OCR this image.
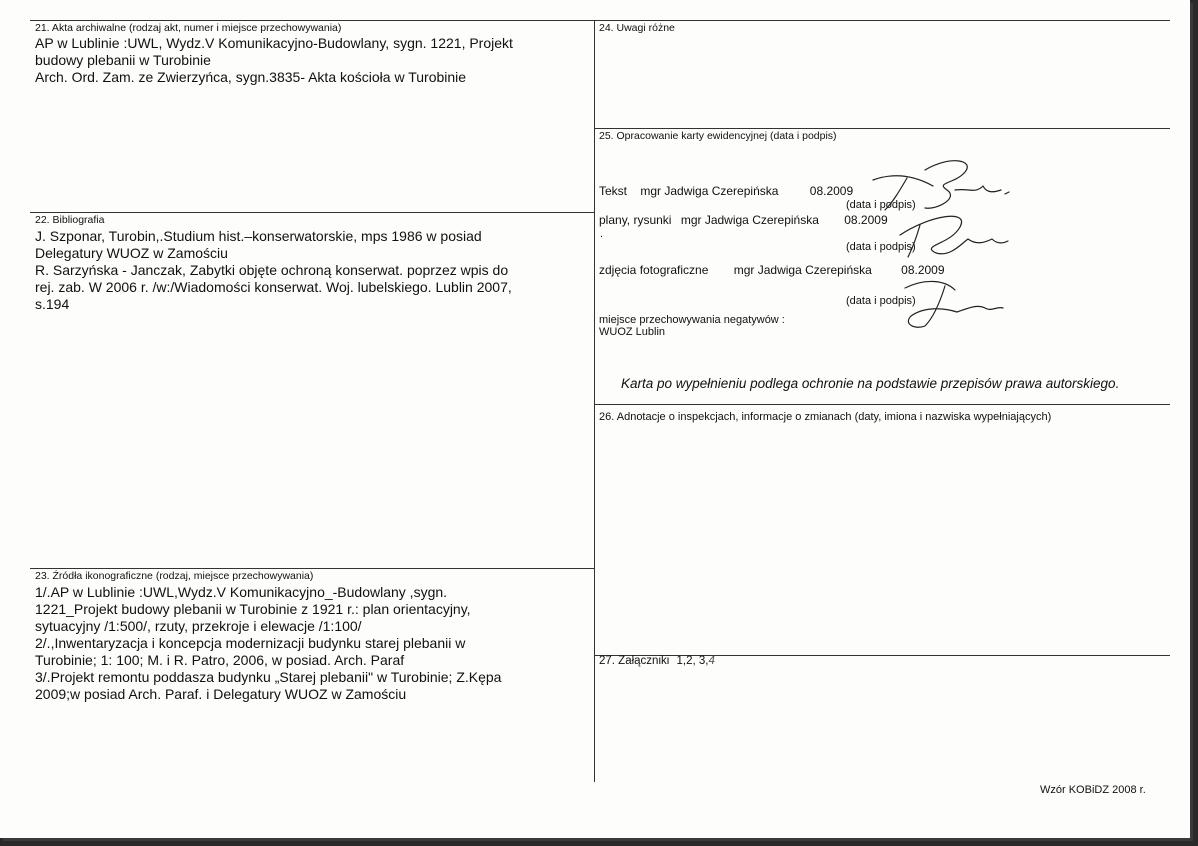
21. Akta archiwalne (rodzaj akt, numer i miejsce przechowywania)
AP w Lublinie :UWL, Wydz.V Komunikacyjno-Budowlany, sygn. 1221, Projekt
budowy plebanii w Turobinie
Arch. Ord. Zam. ze Zwierzyńca, sygn.3835- Akta kościoła w Turobinie
22. Bibliografia
J. Szponar, Turobin,.Studium hist.–konserwatorskie, mps 1986 w posiad
Delegatury WUOZ w Zamościu
R. Sarzyńska - Janczak, Zabytki objęte ochroną konserwat. poprzez wpis do
rej. zab. W 2006 r. /w:/Wiadomości konserwat. Woj. lubelskiego. Lublin 2007,
s.194
23. Źródła ikonograficzne (rodzaj, miejsce przechowywania)
1/.AP w Lublinie :UWL,Wydz.V Komunikacyjno_-Budowlany ,sygn.
1221_Projekt budowy plebanii w Turobinie z 1921 r.: plan orientacyjny,
sytuacyjny /1:500/, rzuty, przekroje i elewacje /1:100/
2/.,Inwentaryzacja i koncepcja modernizacji budynku starej plebanii w
Turobinie; 1: 100; M. i R. Patro, 2006, w posiad. Arch. Paraf
3/.Projekt remontu poddasza budynku „Starej plebanii" w Turobinie; Z.Kępa
2009;w posiad Arch. Paraf. i Delegatury WUOZ w Zamościu
24. Uwagi różne
25. Opracowanie karty ewidencyjnej (data i podpis)
Tekst mgr Jadwiga Czerepińska	08.2009
(data i podpis)
plany, rysunki mgr Jadwiga Czerepińska 08.2009
.
(data i podpis)
zdjęcia fotograficzne mgr Jadwiga Czerepińska 08.2009
(data i podpis)
miejsce przechowywania negatywów :
WUOZ Lublin
Karta po wypełnieniu podlega ochronie na podstawie przepisów prawa autorskiego.
26. Adnotacje o inspekcjach, informacje o zmianach (daty, imiona i nazwiska wypełniających)
27. Załączniki 1,2, 3,4
Wzór KOBiDZ 2008 r.
